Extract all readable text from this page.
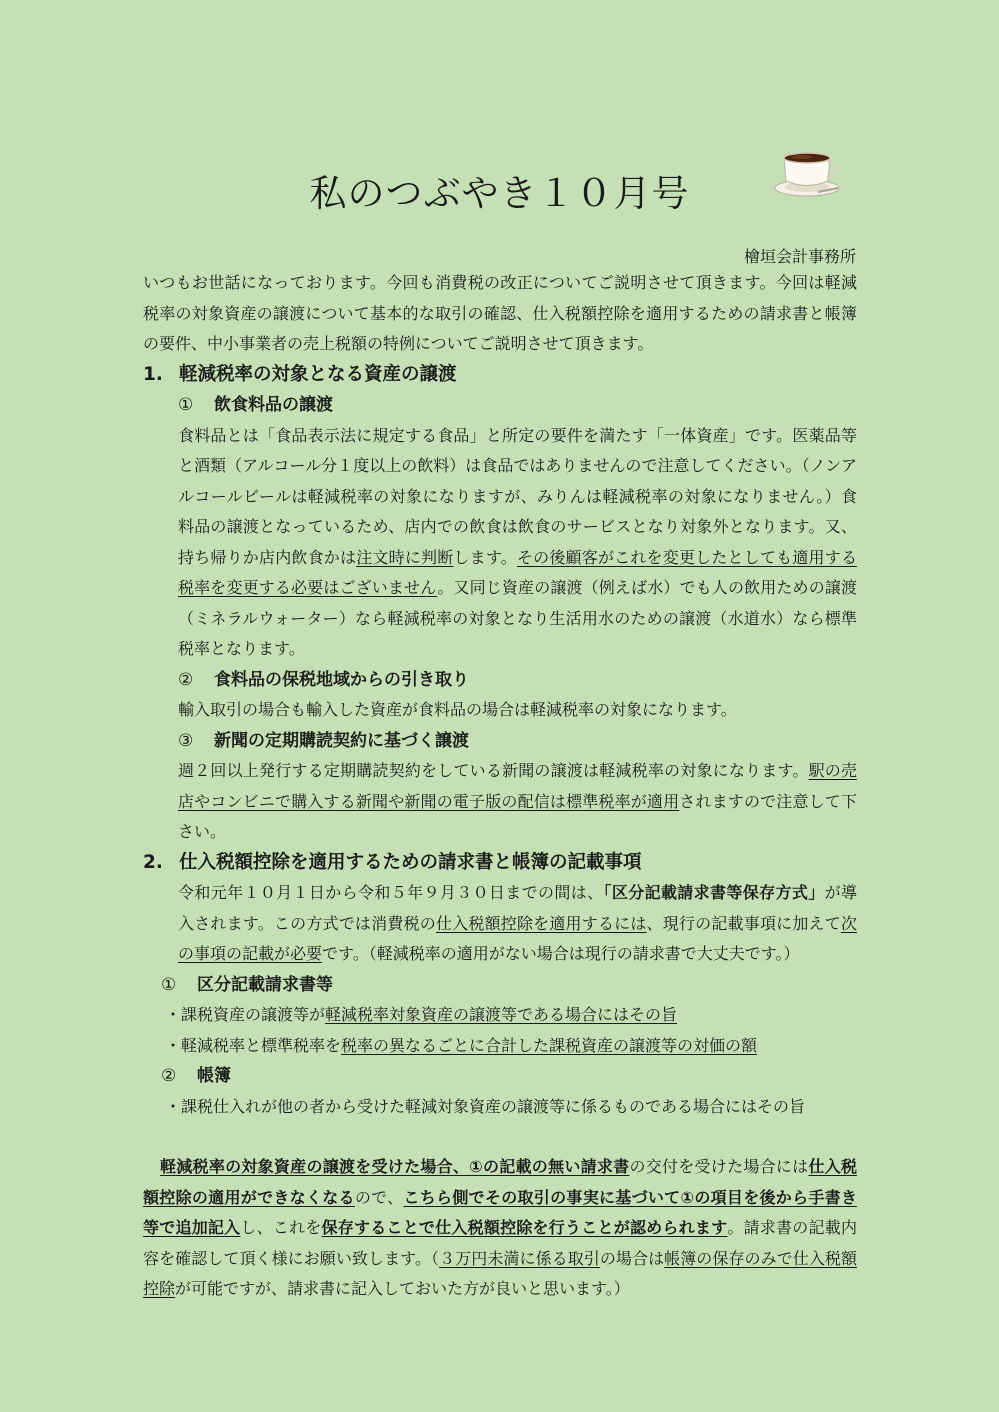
私のつぶやき１０月号
檜垣会計事務所

いつもお世話になっております。今回も消費税の改正についてご説明させて頂きます。今回は軽減税率の対象資産の譲渡について基本的な取引の確認、仕入税額控除を適用するための請求書と帳簿の要件、中小事業者の売上税額の特例についてご説明させて頂きます。

1. 軽減税率の対象となる資産の譲渡

① 飲食料品の譲渡

食料品とは「食品表示法に規定する食品」と所定の要件を満たす「一体資産」です。医薬品等と酒類（アルコール分１度以上の飲料）は食品ではありませんので注意してください。（ノンアルコールビールは軽減税率の対象になりますが、みりんは軽減税率の対象になりません。）食料品の譲渡となっているため、店内での飲食は飲食のサービスとなり対象外となります。又、持ち帰りか店内飲食かは注文時に判断します。その後顧客がこれを変更したとしても適用する税率を変更する必要はございません。又同じ資産の譲渡（例えば水）でも人の飲用ための譲渡（ミネラルウォーター）なら軽減税率の対象となり生活用水のための譲渡（水道水）なら標準税率となります。

② 食料品の保税地域からの引き取り

輸入取引の場合も輸入した資産が食料品の場合は軽減税率の対象になります。

③ 新聞の定期購読契約に基づく譲渡

週２回以上発行する定期購読契約をしている新聞の譲渡は軽減税率の対象になります。駅の売店やコンビニで購入する新聞や新聞の電子版の配信は標準税率が適用されますので注意して下さい。

2. 仕入税額控除を適用するための請求書と帳簿の記載事項

令和元年１０月１日から令和５年９月３０日までの間は、「区分記載請求書等保存方式」が導入されます。この方式では消費税の仕入税額控除を適用するには、現行の記載事項に加えて次の事項の記載が必要です。（軽減税率の適用がない場合は現行の請求書で大丈夫です。）

① 区分記載請求書等

・課税資産の譲渡等が軽減税率対象資産の譲渡等である場合にはその旨

・軽減税率と標準税率を税率の異なるごとに合計した課税資産の譲渡等の対価の額

② 帳簿

・課税仕入れが他の者から受けた軽減対象資産の譲渡等に係るものである場合にはその旨

軽減税率の対象資産の譲渡を受けた場合、①の記載の無い請求書の交付を受けた場合には仕入税額控除の適用ができなくなるので、こちら側でその取引の事実に基づいて①の項目を後から手書き等で追加記入し、これを保存することで仕入税額控除を行うことが認められます。請求書の記載内容を確認して頂く様にお願い致します。（３万円未満に係る取引の場合は帳簿の保存のみで仕入税額控除が可能ですが、請求書に記入しておいた方が良いと思います。）
